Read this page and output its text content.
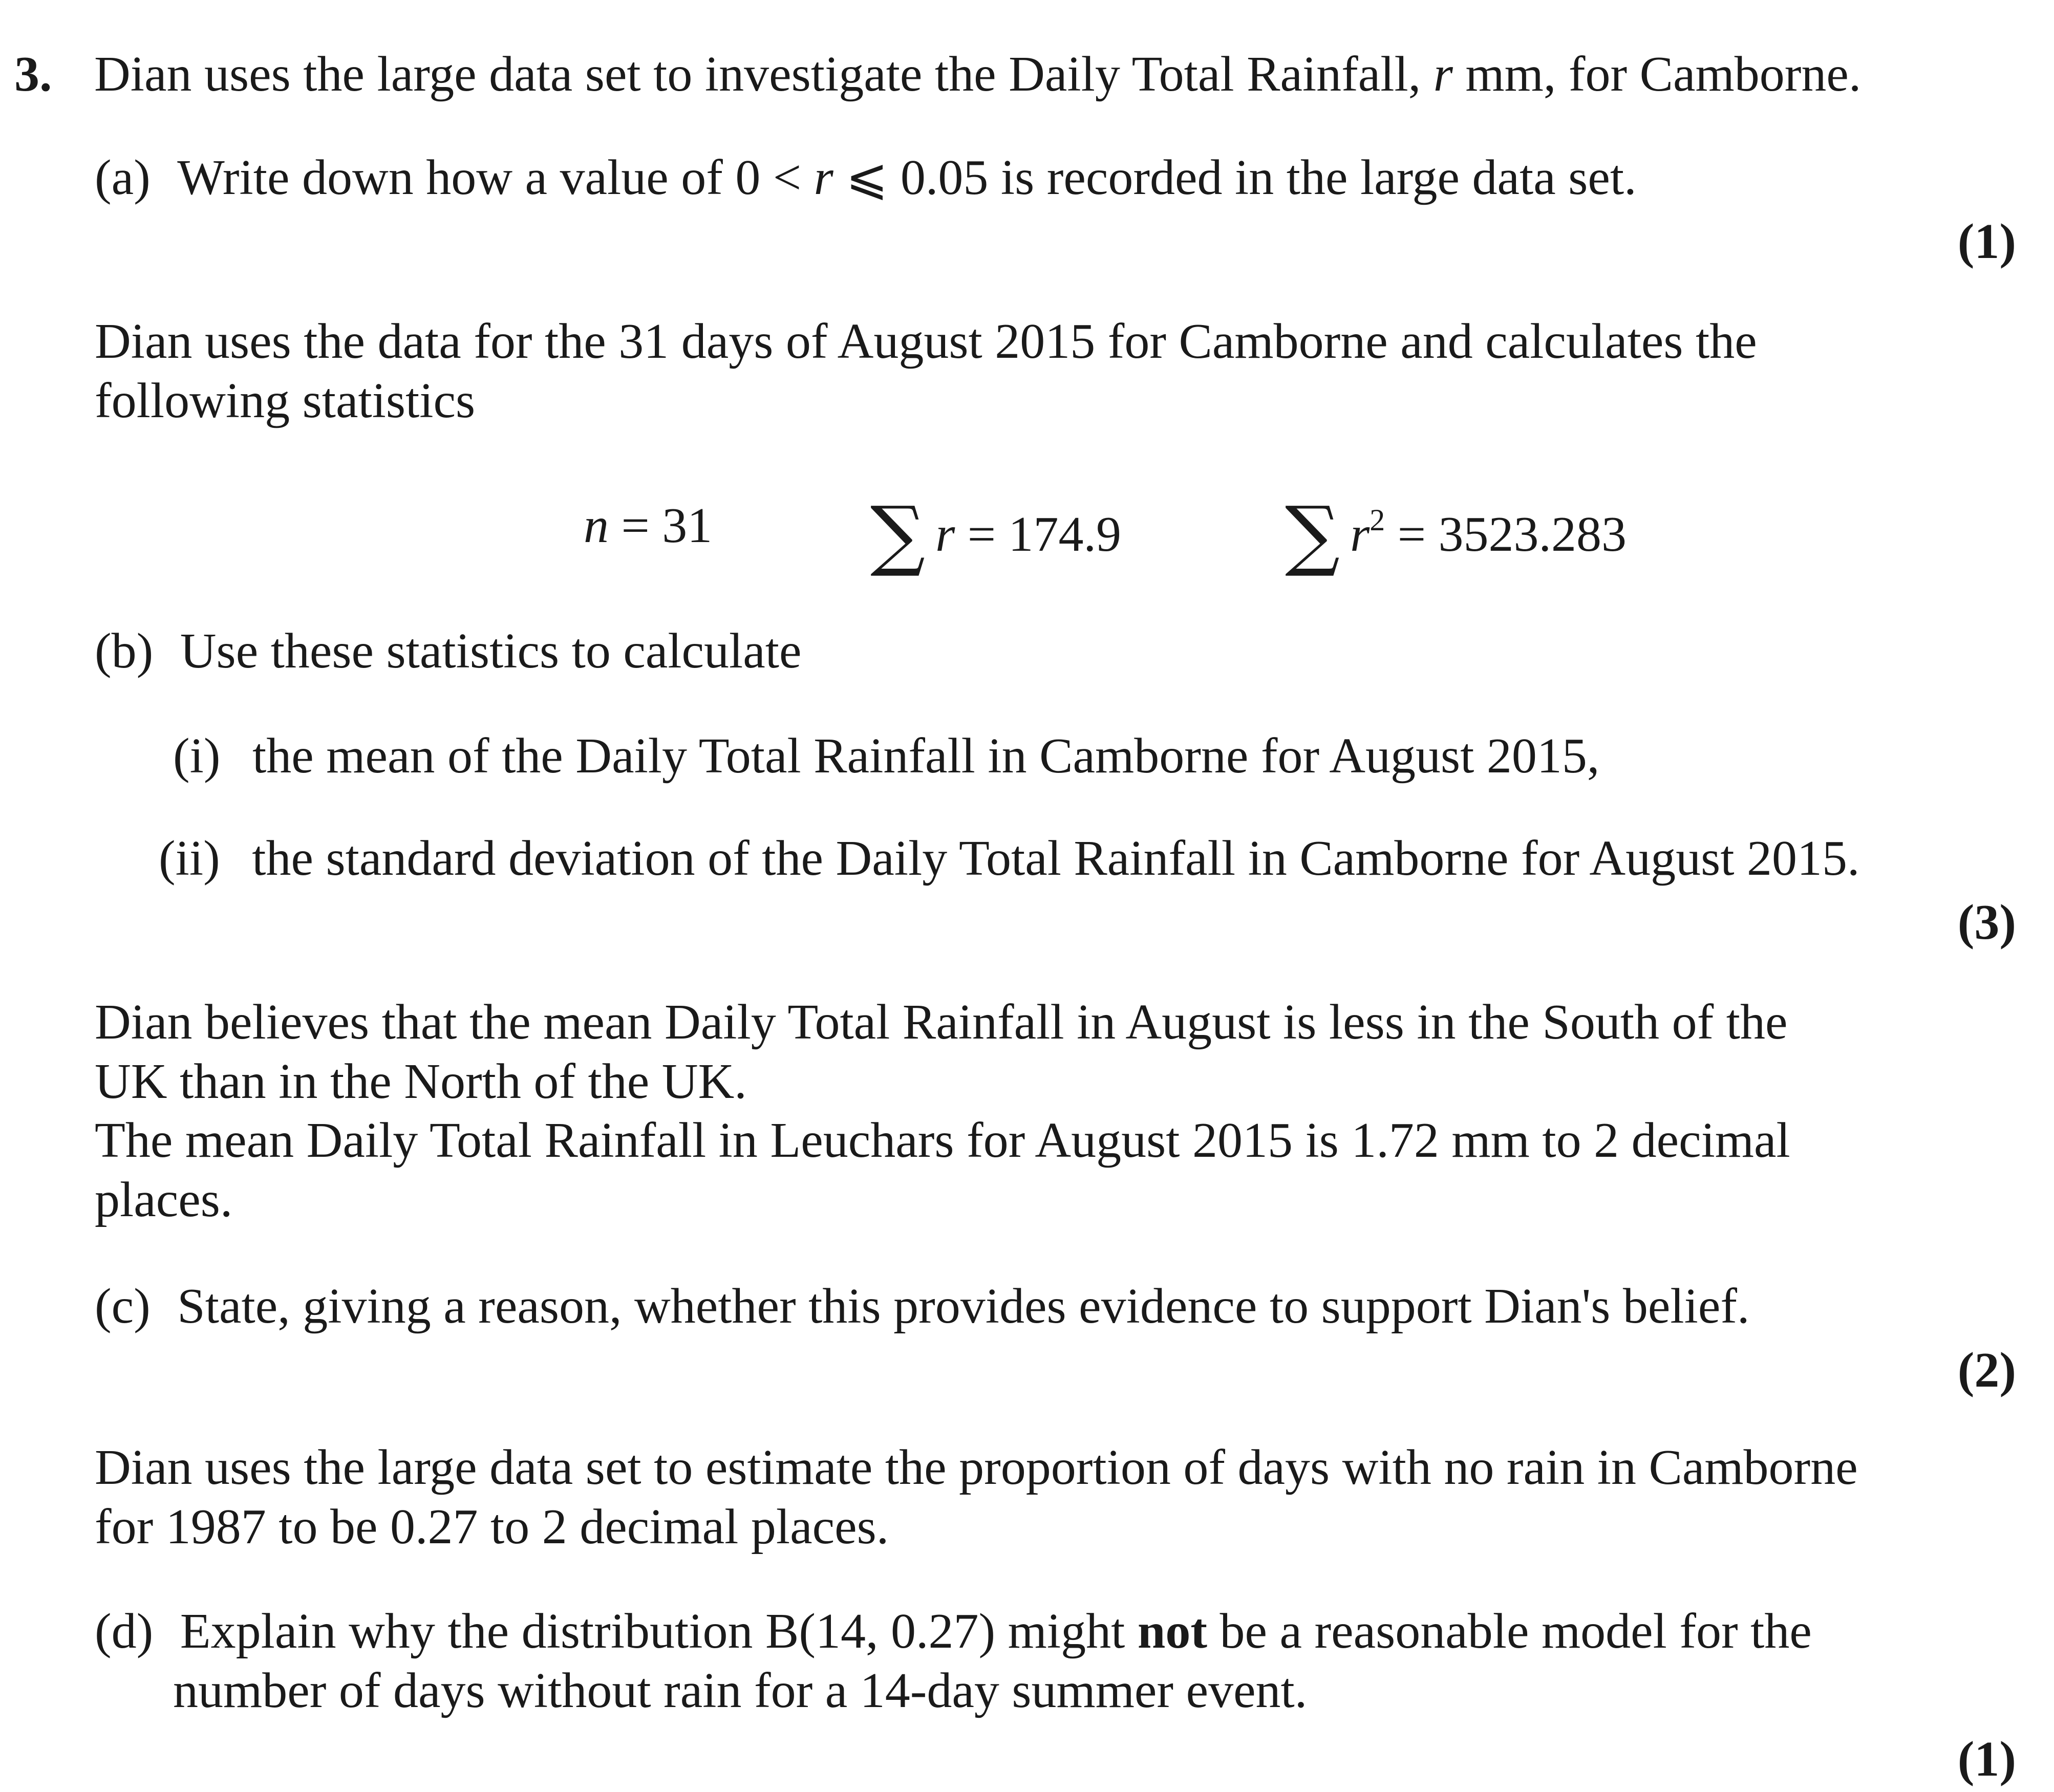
3. Dian uses the large data set to investigate the Daily Total Rainfall, r mm, for Camborne.
(a) Write down how a value of 0 < r ⩽ 0.05 is recorded in the large data set.
(1)
Dian uses the data for the 31 days of August 2015 for Camborne and calculates the
following statistics
n = 31 ∑ r = 174.9 ∑ $r^2 = 3523.283$
(b) Use these statistics to calculate
(i) the mean of the Daily Total Rainfall in Camborne for August 2015,
(ii) the standard deviation of the Daily Total Rainfall in Camborne for August 2015.
(3)
Dian believes that the mean Daily Total Rainfall in August is less in the South of the
UK than in the North of the UK.
The mean Daily Total Rainfall in Leuchars for August 2015 is 1.72 mm to 2 decimal
places.
(c) State, giving a reason, whether this provides evidence to support Dian's belief.
(2)
Dian uses the large data set to estimate the proportion of days with no rain in Camborne
for 1987 to be 0.27 to 2 decimal places.
(d) Explain why the distribution B(14, 0.27) might not be a reasonable model for the
number of days without rain for a 14-day summer event.
(1)
